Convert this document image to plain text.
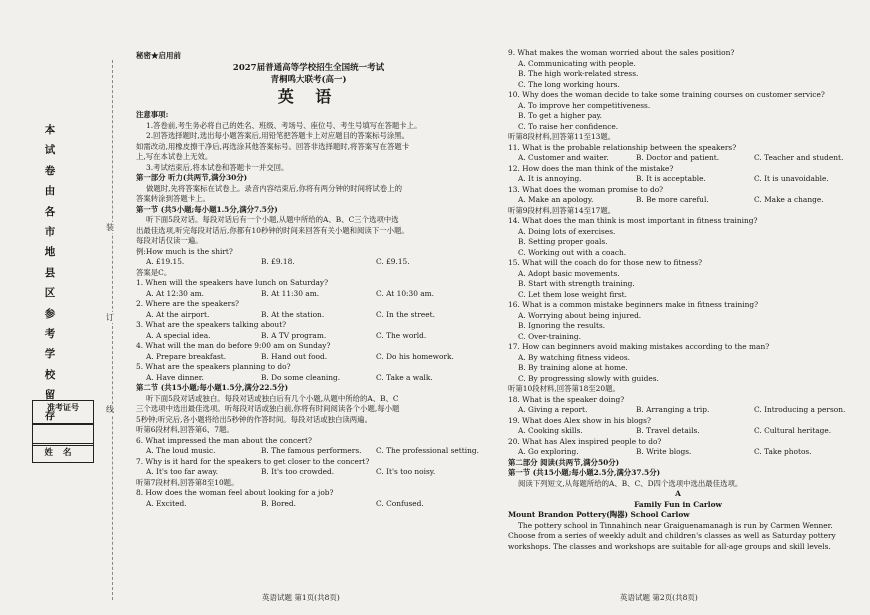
本
试
卷
由
各
市
地
县
区
参
考
学
校
留
存
装
订
线
准考证号
姓名
秘密★启用前
2027届普通高等学校招生全国统一考试
青桐鸣大联考(高一)
英 语
注意事项:
1.答卷前,考生务必将自己的姓名、班级、考场号、座位号、考生号填写在答题卡上。
2.回答选择题时,选出每小题答案后,用铅笔把答题卡上对应题目的答案标号涂黑。
如需改动,用橡皮擦干净后,再选涂其他答案标号。回答非选择题时,将答案写在答题卡
上,写在本试卷上无效。
3.考试结束后,将本试卷和答题卡一并交回。
第一部分 听力(共两节,满分30分)
做题时,先将答案标在试卷上。录音内容结束后,你将有两分钟的时间将试卷上的
答案转涂到答题卡上。
第一节 (共5小题;每小题1.5分,满分7.5分)
听下面5段对话。每段对话后有一个小题,从题中所给的A、B、C三个选项中选
出最佳选项,听完每段对话后,你都有10秒钟的时间来回答有关小题和阅读下一小题。
每段对话仅读一遍。
例:How much is the shirt?
A. £19.15.	B. £9.18.	C. £9.15.
答案是C。
1. When will the speakers have lunch on Saturday?
A. At 12:30 am.	B. At 11:30 am.	C. At 10:30 am.
2. Where are the speakers?
A. At the airport.	B. At the station.	C. In the street.
3. What are the speakers talking about?
A. A special idea.	B. A TV program.	C. The world.
4. What will the man do before 9:00 am on Sunday?
A. Prepare breakfast.	B. Hand out food.	C. Do his homework.
5. What are the speakers planning to do?
A. Have dinner.	B. Do some cleaning.	C. Take a walk.
第二节 (共15小题;每小题1.5分,满分22.5分)
听下面5段对话或独白。每段对话或独白后有几个小题,从题中所给的A、B、C
三个选项中选出最佳选项。听每段对话或独白前,你将有时间阅读各个小题,每小题
5秒钟;听完后,各小题将给出5秒钟的作答时间。每段对话或独白读两遍。
听第6段材料,回答第6、7题。
6. What impressed the man about the concert?
A. The loud music.	B. The famous performers.	C. The professional setting.
7. Why is it hard for the speakers to get closer to the concert?
A. It's too far away.	B. It's too crowded.	C. It's too noisy.
听第7段材料,回答第8至10题。
8. How does the woman feel about looking for a job?
A. Excited.	B. Bored.	C. Confused.
英语试题 第1页(共8页)
9. What makes the woman worried about the sales position?
A. Communicating with people.
B. The high work-related stress.
C. The long working hours.
10. Why does the woman decide to take some training courses on customer service?
A. To improve her competitiveness.
B. To get a higher pay.
C. To raise her confidence.
听第8段材料,回答第11至13题。
11. What is the probable relationship between the speakers?
A. Customer and waiter.	B. Doctor and patient.	C. Teacher and student.
12. How does the man think of the mistake?
A. It is annoying.	B. It is acceptable.	C. It is unavoidable.
13. What does the woman promise to do?
A. Make an apology.	B. Be more careful.	C. Make a change.
听第9段材料,回答第14至17题。
14. What does the man think is most important in fitness training?
A. Doing lots of exercises.
B. Setting proper goals.
C. Working out with a coach.
15. What will the coach do for those new to fitness?
A. Adopt basic movements.
B. Start with strength training.
C. Let them lose weight first.
16. What is a common mistake beginners make in fitness training?
A. Worrying about being injured.
B. Ignoring the results.
C. Over-training.
17. How can beginners avoid making mistakes according to the man?
A. By watching fitness videos.
B. By training alone at home.
C. By progressing slowly with guides.
听第10段材料,回答第18至20题。
18. What is the speaker doing?
A. Giving a report.	B. Arranging a trip.	C. Introducing a person.
19. What does Alex show in his blogs?
A. Cooking skills.	B. Travel details.	C. Cultural heritage.
20. What has Alex inspired people to do?
A. Go exploring.	B. Write blogs.	C. Take photos.
第二部分 阅读(共两节,满分50分)
第一节 (共15小题;每小题2.5分,满分37.5分)
阅读下列短文,从每题所给的A、B、C、D四个选项中选出最佳选项。
A
Family Fun in Carlow
Mount Brandon Pottery(陶器) School Carlow
The pottery school in Tinnahinch near Graiguenamanagh is run by Carmen Wenner.
Choose from a series of weekly adult and children's classes as well as Saturday pottery
workshops. The classes and workshops are suitable for all-age groups and skill levels.
英语试题 第2页(共8页)
